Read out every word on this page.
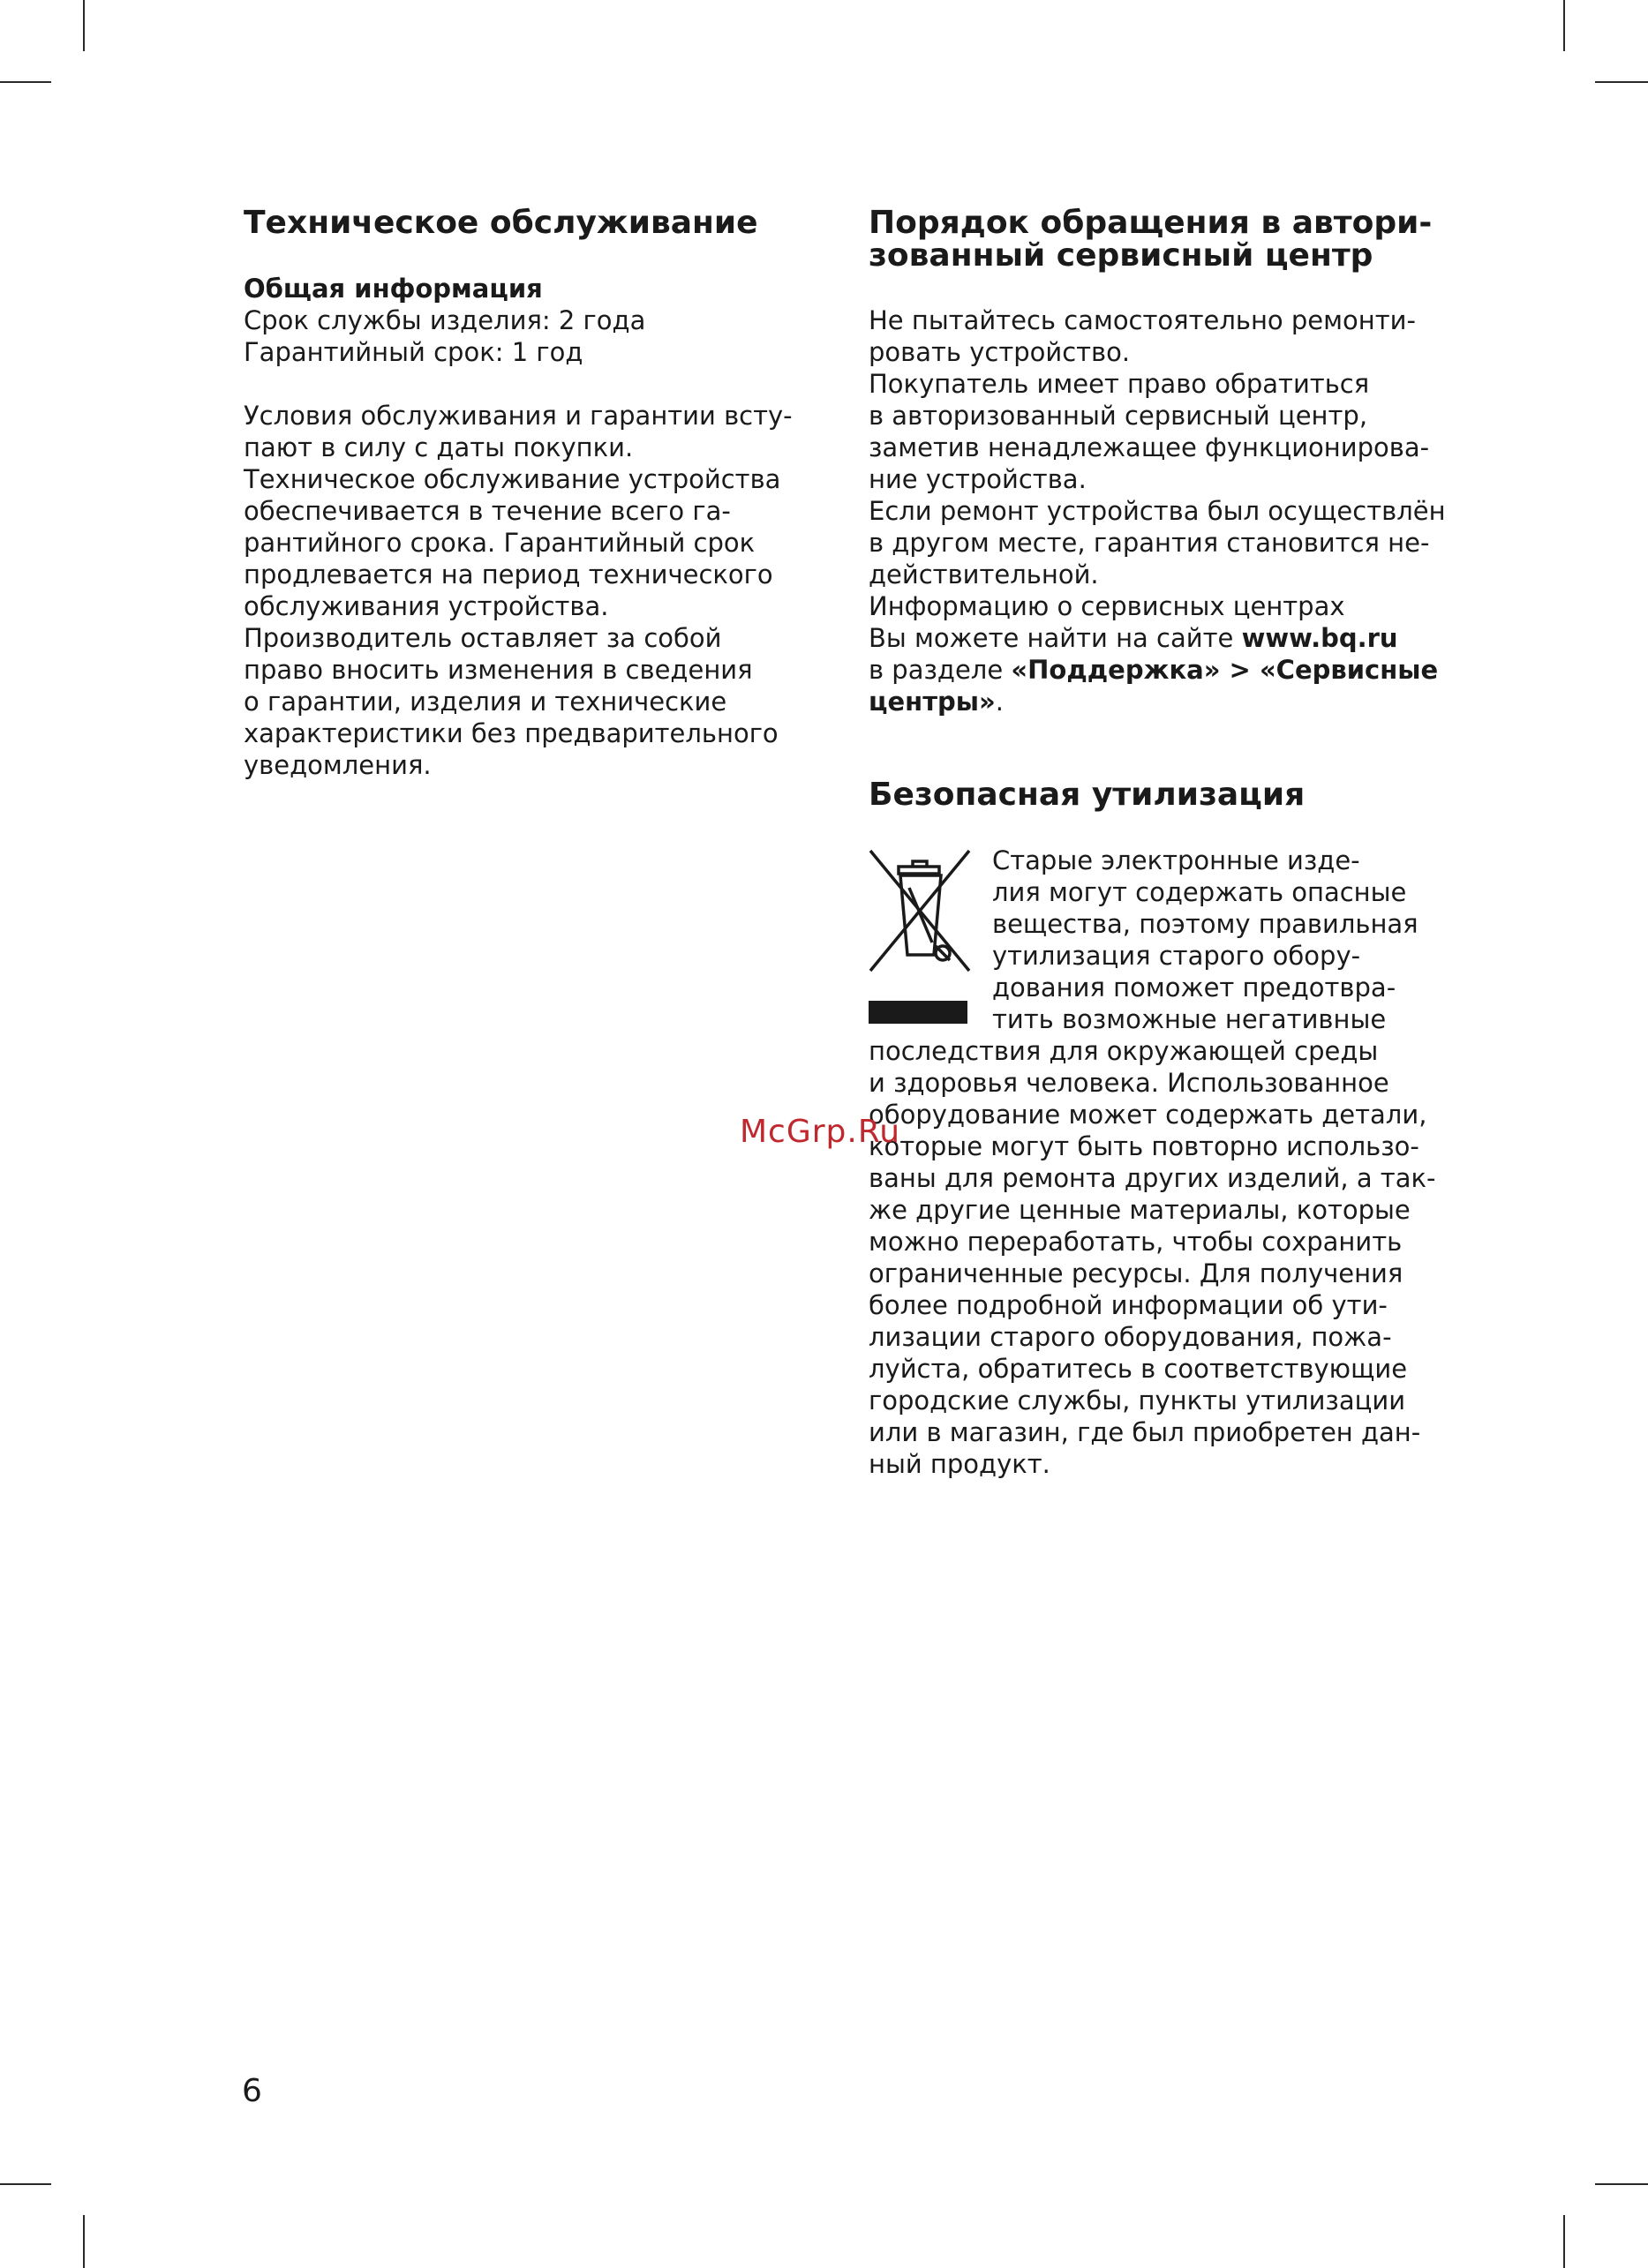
Техническое обслуживание
Общая информация
Срок службы изделия: 2 года
Гарантийный срок: 1 год
Условия обслуживания и гарантии всту-
пают в силу с даты покупки.
Техническое обслуживание устройства
обеспечивается в течение всего га-
рантийного срока. Гарантийный срок
продлевается на период технического
обслуживания устройства.
Производитель оставляет за собой
право вносить изменения в сведения
о гарантии, изделия и технические
характеристики без предварительного
уведомления.
Порядок обращения в автори-
зованный сервисный центр
Не пытайтесь самостоятельно ремонти-
ровать устройство.
Покупатель имеет право обратиться
в авторизованный сервисный центр,
заметив ненадлежащее функционирова-
ние устройства.
Если ремонт устройства был осуществлён
в другом месте, гарантия становится не-
действительной.
Информацию о сервисных центрах
Вы можете найти на сайте www.bq.ru
в разделе «Поддержка» > «Сервисные
центры».
Безопасная утилизация
Старые электронные изде-
лия могут содержать опасные
вещества, поэтому правильная
утилизация старого обору-
дования поможет предотвра-
тить возможные негативные
последствия для окружающей среды
и здоровья человека. Использованное
оборудование может содержать детали,
которые могут быть повторно использо-
ваны для ремонта других изделий, а так-
же другие ценные материалы, которые
можно переработать, чтобы сохранить
ограниченные ресурсы. Для получения
более подробной информации об ути-
лизации старого оборудования, пожа-
луйста, обратитесь в соответствующие
городские службы, пункты утилизации
или в магазин, где был приобретен дан-
ный продукт.
McGrp.Ru
6
